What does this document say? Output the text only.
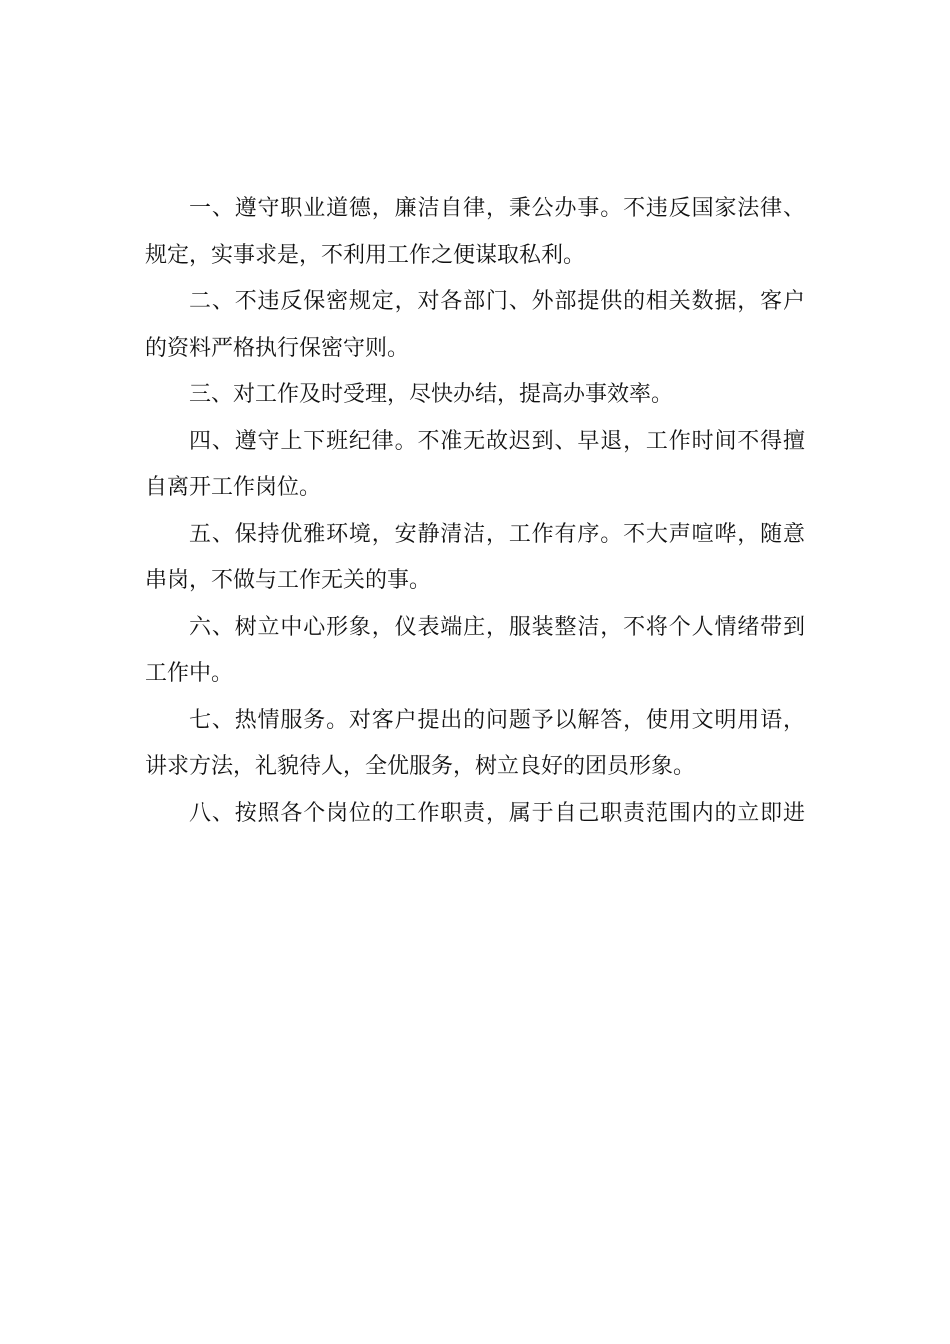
一、遵守职业道德，廉洁自律，秉公办事。不违反国家法律、
规定，实事求是，不利用工作之便谋取私利。
二、不违反保密规定，对各部门、外部提供的相关数据，客户
的资料严格执行保密守则。
三、对工作及时受理，尽快办结，提高办事效率。
四、遵守上下班纪律。不准无故迟到、早退，工作时间不得擅
自离开工作岗位。
五、保持优雅环境，安静清洁，工作有序。不大声喧哗，随意
串岗，不做与工作无关的事。
六、树立中心形象，仪表端庄，服装整洁，不将个人情绪带到
工作中。
七、热情服务。对客户提出的问题予以解答，使用文明用语，
讲求方法，礼貌待人，全优服务，树立良好的团员形象。
八、按照各个岗位的工作职责，属于自己职责范围内的立即进
